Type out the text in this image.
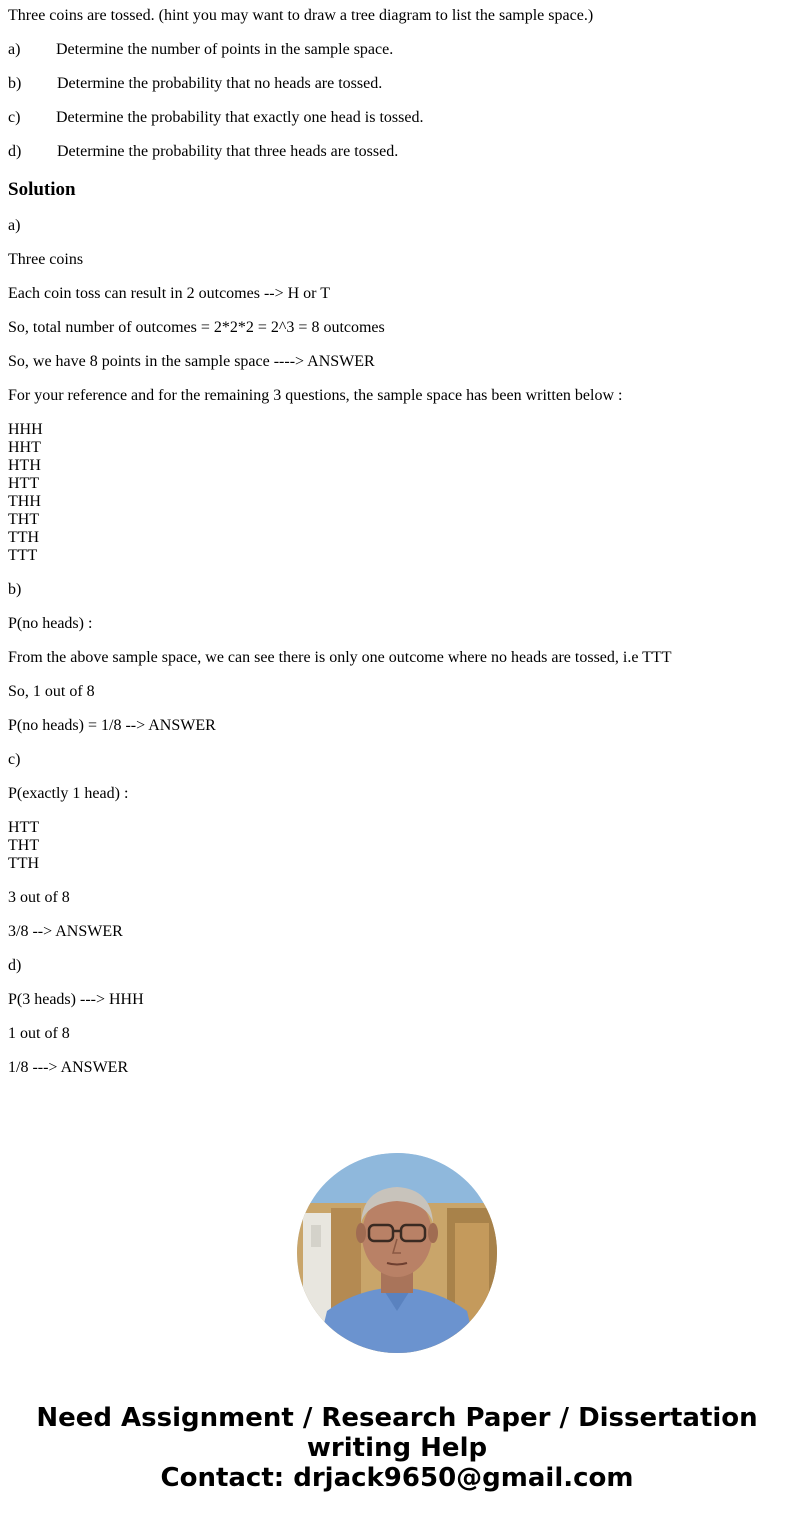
Three coins are tossed. (hint you may want to draw a tree diagram to list the sample space.)

a) Determine the number of points in the sample space.

b) Determine the probability that no heads are tossed.

c) Determine the probability that exactly one head is tossed.

d) Determine the probability that three heads are tossed.

Solution

a)

Three coins

Each coin toss can result in 2 outcomes --> H or T

So, total number of outcomes = 2*2*2 = 2^3 = 8 outcomes

So, we have 8 points in the sample space ----> ANSWER

For your reference and for the remaining 3 questions, the sample space has been written below :

HHH
HHT
HTH
HTT
THH
THT
TTH
TTT

b)

P(no heads) :

From the above sample space, we can see there is only one outcome where no heads are tossed, i.e TTT

So, 1 out of 8

P(no heads) = 1/8 --> ANSWER

c)

P(exactly 1 head) :

HTT
THT
TTH

3 out of 8

3/8 --> ANSWER

d)

P(3 heads) ---> HHH

1 out of 8

1/8 ---> ANSWER

Need Assignment / Research Paper / Dissertation
writing Help
Contact: drjack9650@gmail.com
